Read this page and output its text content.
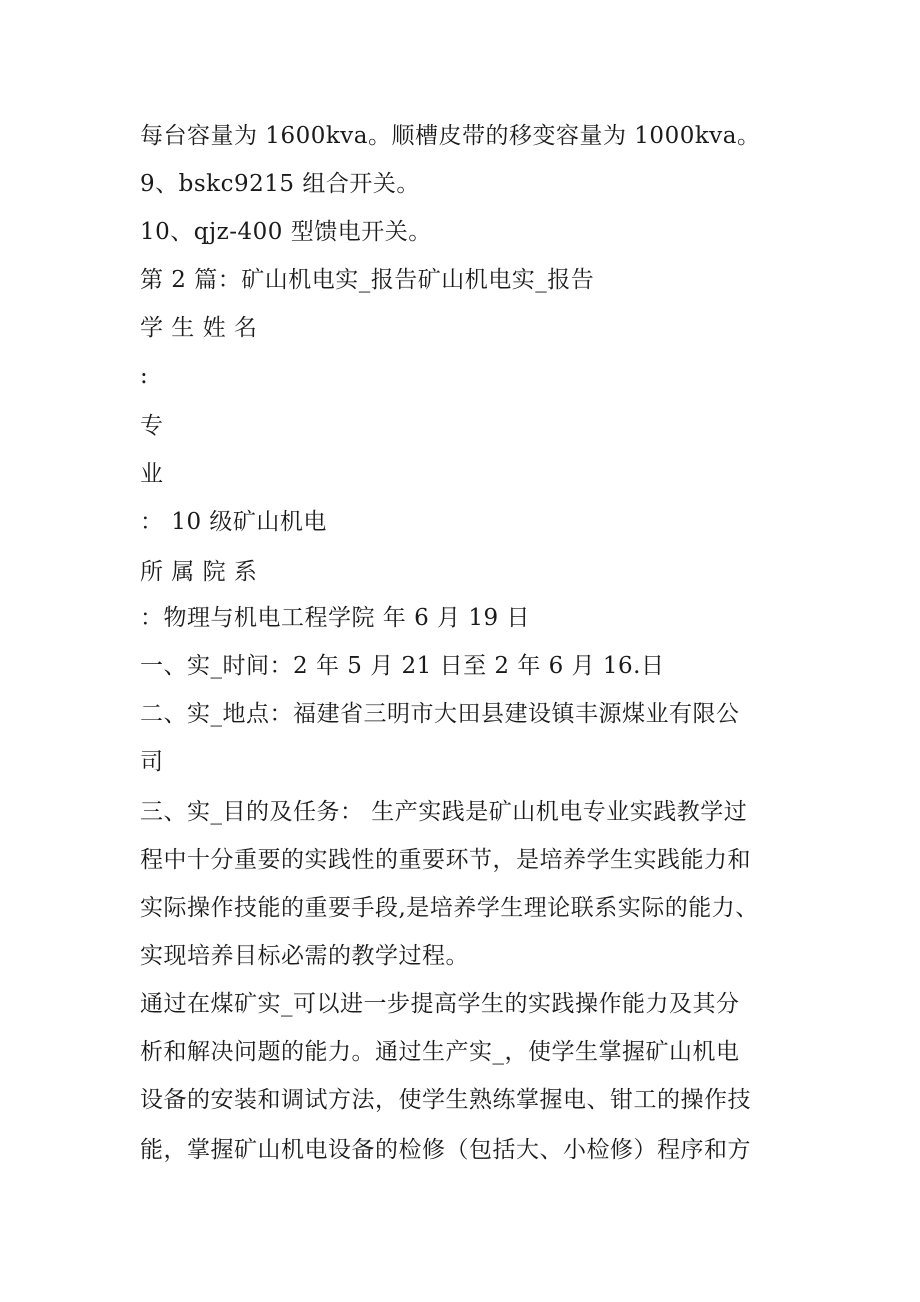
每台容量为 1600kva。顺槽皮带的移变容量为 1000kva。
9、bskc9215 组合开关。
10、qjz-400 型馈电开关。
第 2 篇：矿山机电实_报告矿山机电实_报告
学 生 姓 名
:
专
业
： 10 级矿山机电
所 属 院 系
：物理与机电工程学院 年 6 月 19 日
一、实_时间：2 年 5 月 21 日至 2 年 6 月 16.日
二、实_地点：福建省三明市大田县建设镇丰源煤业有限公
司
三、实_目的及任务： 生产实践是矿山机电专业实践教学过
程中十分重要的实践性的重要环节，是培养学生实践能力和
实际操作技能的重要手段,是培养学生理论联系实际的能力、
实现培养目标必需的教学过程。
通过在煤矿实_可以进一步提高学生的实践操作能力及其分
析和解决问题的能力。通过生产实_，使学生掌握矿山机电
设备的安装和调试方法，使学生熟练掌握电、钳工的操作技
能，掌握矿山机电设备的检修（包括大、小检修）程序和方
